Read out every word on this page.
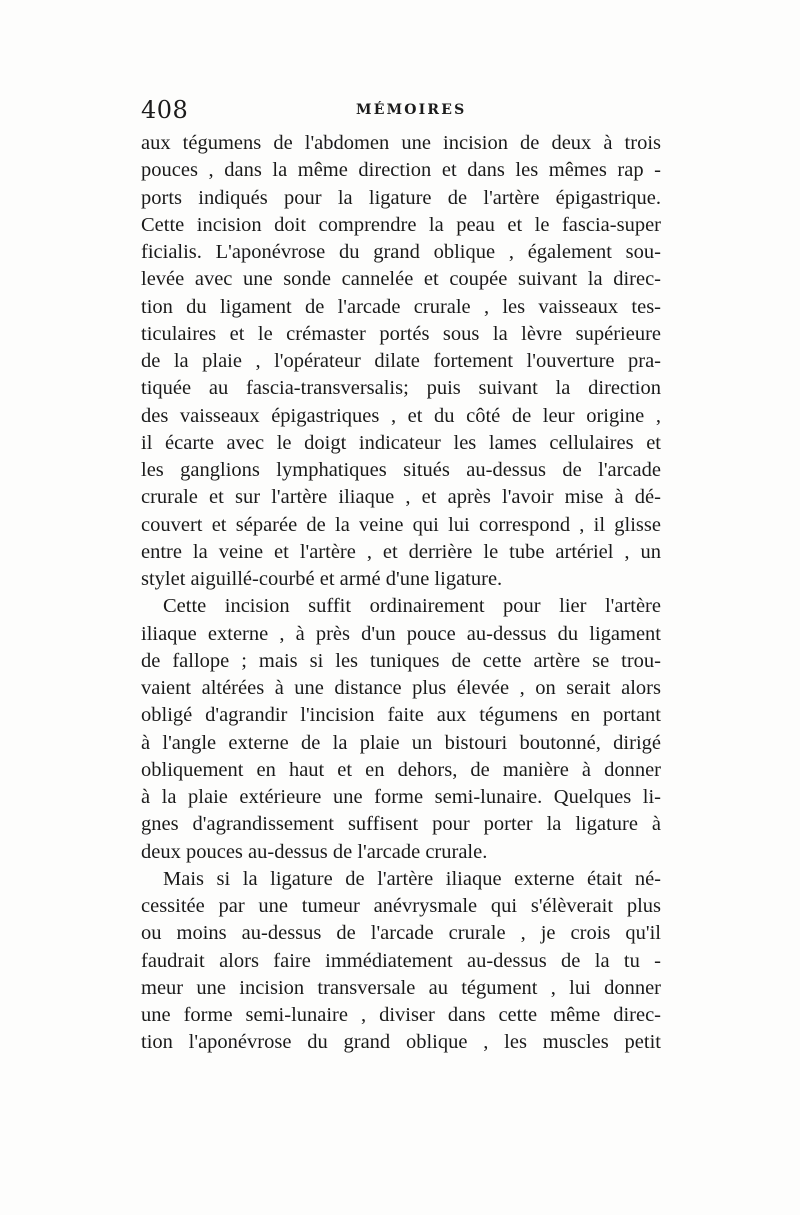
408	MÉMOIRES
aux tégumens de l'abdomen une incision de deux à trois
pouces , dans la même direction et dans les mêmes rap -
ports indiqués pour la ligature de l'artère épigastrique.
Cette incision doit comprendre la peau et le fascia-super
ficialis. L'aponévrose du grand oblique , également sou-
levée avec une sonde cannelée et coupée suivant la direc-
tion du ligament de l'arcade crurale , les vaisseaux tes-
ticulaires et le crémaster portés sous la lèvre supérieure
de la plaie , l'opérateur dilate fortement l'ouverture pra-
tiquée au fascia-transversalis; puis suivant la direction
des vaisseaux épigastriques , et du côté de leur origine ,
il écarte avec le doigt indicateur les lames cellulaires et
les ganglions lymphatiques situés au-dessus de l'arcade
crurale et sur l'artère iliaque , et après l'avoir mise à dé-
couvert et séparée de la veine qui lui correspond , il glisse
entre la veine et l'artère , et derrière le tube artériel , un
stylet aiguillé-courbé et armé d'une ligature.
Cette incision suffit ordinairement pour lier l'artère
iliaque externe , à près d'un pouce au-dessus du ligament
de fallope ; mais si les tuniques de cette artère se trou-
vaient altérées à une distance plus élevée , on serait alors
obligé d'agrandir l'incision faite aux tégumens en portant
à l'angle externe de la plaie un bistouri boutonné, dirigé
obliquement en haut et en dehors, de manière à donner
à la plaie extérieure une forme semi-lunaire. Quelques li-
gnes d'agrandissement suffisent pour porter la ligature à
deux pouces au-dessus de l'arcade crurale.
Mais si la ligature de l'artère iliaque externe était né-
cessitée par une tumeur anévrysmale qui s'élèverait plus
ou moins au-dessus de l'arcade crurale , je crois qu'il
faudrait alors faire immédiatement au-dessus de la tu -
meur une incision transversale au tégument , lui donner
une forme semi-lunaire , diviser dans cette même direc-
tion l'aponévrose du grand oblique , les muscles petit
